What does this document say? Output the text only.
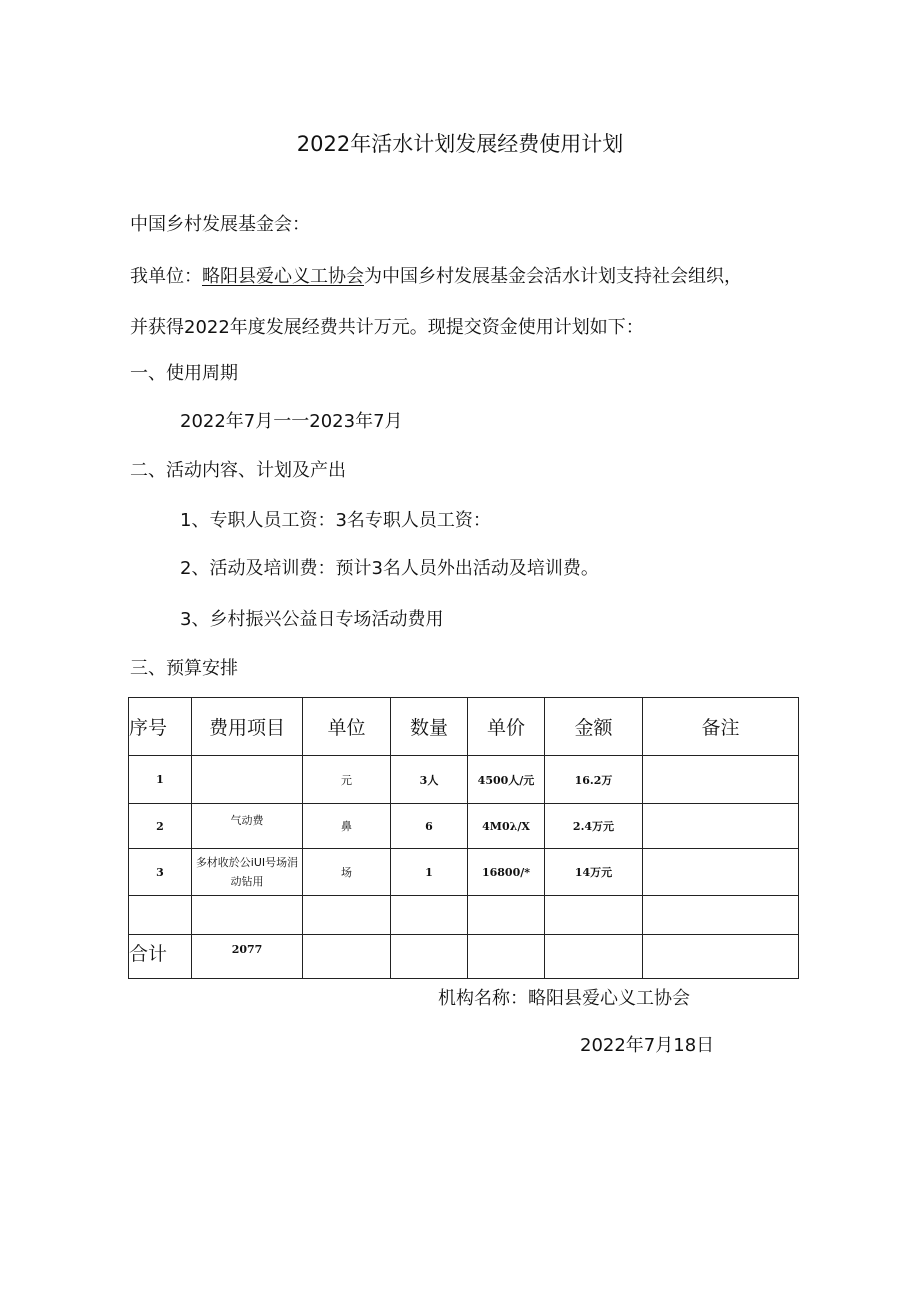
2022年活水计划发展经费使用计划
中国乡村发展基金会：
我单位：略阳县爱心义工协会为中国乡村发展基金会活水计划支持社会组织，
并获得2022年度发展经费共计万元。现提交资金使用计划如下：
一、使用周期
2022年7月一一2023年7月
二、活动内容、计划及产出
1、专职人员工资：3名专职人员工资：
2、活动及培训费：预计3名人员外出活动及培训费。
3、乡村振兴公益日专场活动费用
三、预算安排
序号	费用项目	单位	数量	单价	金额	备注
1		元	3人	4500人/元	16.2万	
2	气动费	鼻	6	4M0λ/X	2.4万元	
3	多材收於公iUI号场涓动钻用	场	1	16800/*	14万元	

合计	2077					
机构名称：略阳县爱心义工协会
2022年7月18日
